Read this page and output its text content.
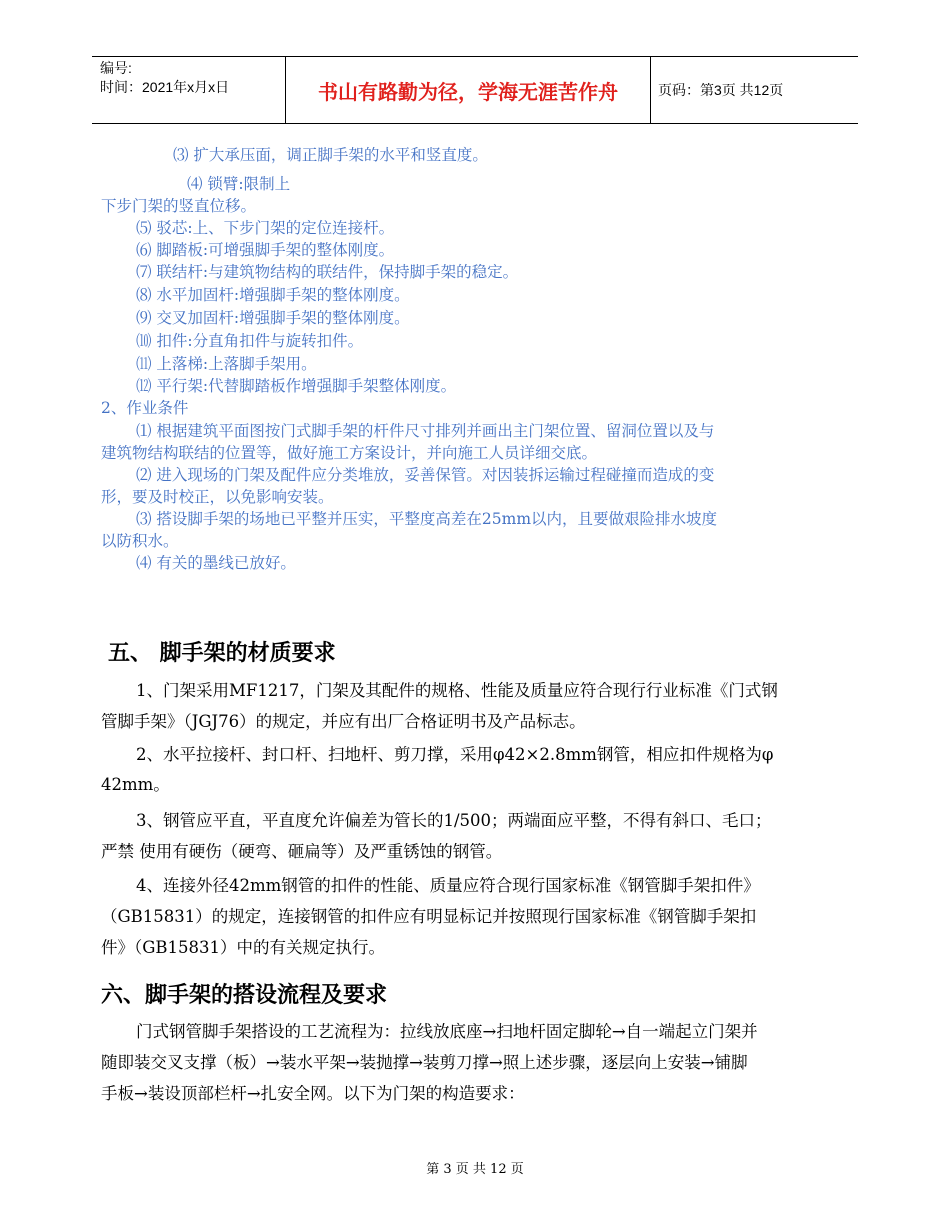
编号:
时间：2021年x月x日	书山有路勤为径，学海无涯苦作舟	页码：第3页 共12页
⑶ 扩大承压面，调正脚手架的水平和竖直度。
⑷ 锁臂:限制上
下步门架的竖直位移。
⑸ 驳芯:上、下步门架的定位连接杆。
⑹ 脚踏板:可增强脚手架的整体刚度。
⑺ 联结杆:与建筑物结构的联结件，保持脚手架的稳定。
⑻ 水平加固杆:增强脚手架的整体刚度。
⑼ 交叉加固杆:增强脚手架的整体刚度。
⑽ 扣件:分直角扣件与旋转扣件。
⑾ 上落梯:上落脚手架用。
⑿ 平行架:代替脚踏板作增强脚手架整体刚度。
2、作业条件
⑴ 根据建筑平面图按门式脚手架的杆件尺寸排列并画出主门架位置、留洞位置以及与
建筑物结构联结的位置等，做好施工方案设计，并向施工人员详细交底。
⑵ 进入现场的门架及配件应分类堆放，妥善保管。对因装拆运输过程碰撞而造成的变
形，要及时校正，以免影响安装。
⑶ 搭设脚手架的场地已平整并压实，平整度高差在25mm以内，且要做艰险排水坡度
以防积水。
⑷ 有关的墨线已放好。
五、 脚手架的材质要求
1、门架采用MF1217，门架及其配件的规格、性能及质量应符合现行行业标准《门式钢
管脚手架》（JGJ76）的规定，并应有出厂合格证明书及产品标志。
2、水平拉接杆、封口杆、扫地杆、剪刀撑，采用φ42×2.8mm钢管，相应扣件规格为φ
42mm。
3、钢管应平直，平直度允许偏差为管长的1/500；两端面应平整，不得有斜口、毛口；
严禁 使用有硬伤（硬弯、砸扁等）及严重锈蚀的钢管。
4、连接外径42mm钢管的扣件的性能、质量应符合现行国家标准《钢管脚手架扣件》
（GB15831）的规定，连接钢管的扣件应有明显标记并按照现行国家标准《钢管脚手架扣
件》（GB15831）中的有关规定执行。
六、脚手架的搭设流程及要求
门式钢管脚手架搭设的工艺流程为：拉线放底座→扫地杆固定脚轮→自一端起立门架并
随即装交叉支撑（板）→装水平架→装抛撑→装剪刀撑→照上述步骤，逐层向上安装→铺脚
手板→装设顶部栏杆→扎安全网。以下为门架的构造要求：
第 3 页 共 12 页
